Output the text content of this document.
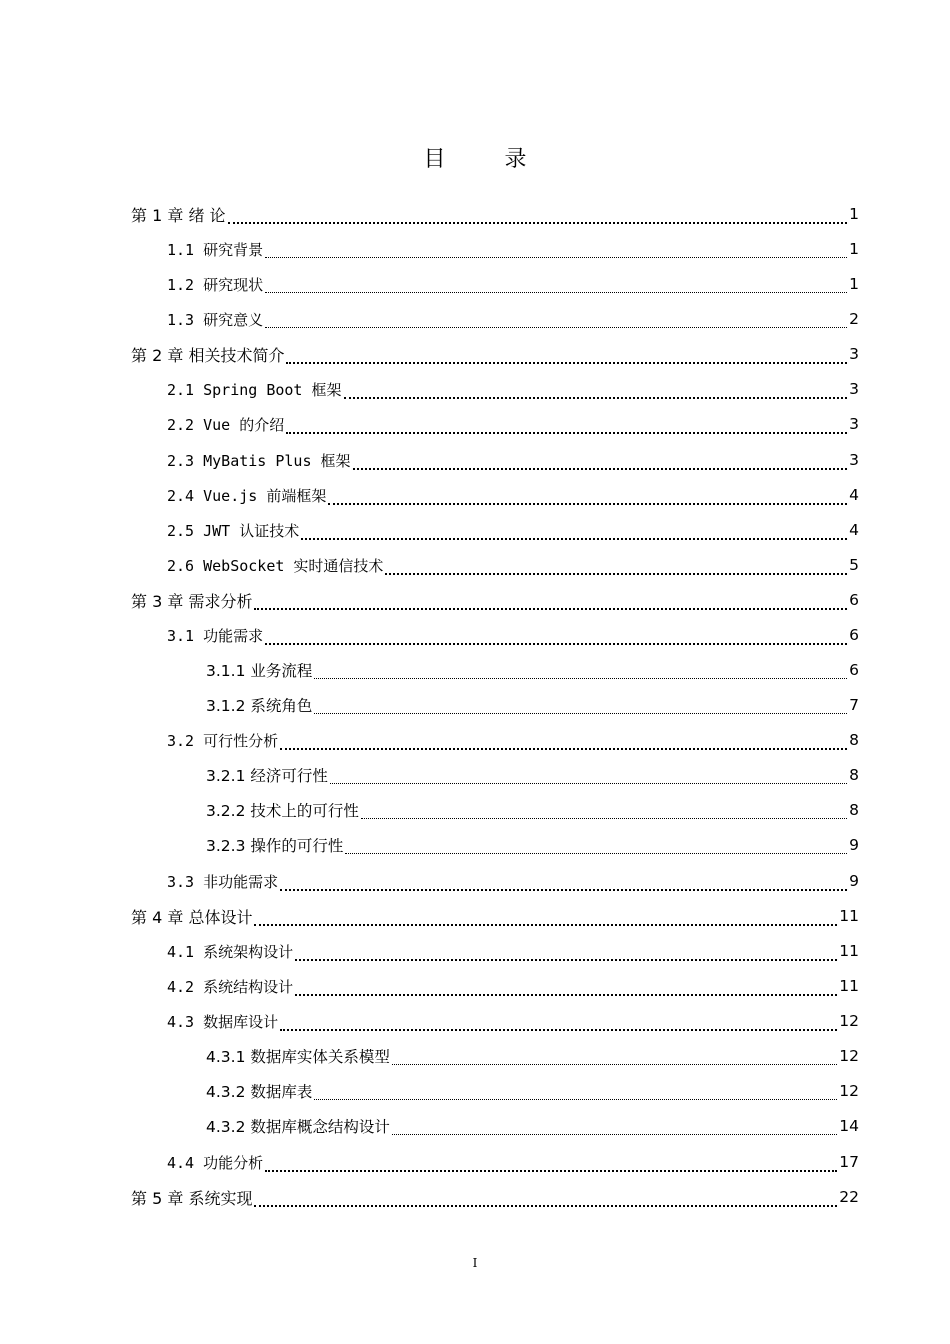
目 录
第 1 章 绪 论	1
1.1 研究背景	1
1.2 研究现状	1
1.3 研究意义	2
第 2 章 相关技术简介	3
2.1 Spring Boot 框架	3
2.2 Vue 的介绍	3
2.3 MyBatis Plus 框架	3
2.4 Vue.js 前端框架	4
2.5 JWT 认证技术	4
2.6 WebSocket 实时通信技术	5
第 3 章 需求分析	6
3.1 功能需求	6
3.1.1 业务流程	6
3.1.2 系统角色	7
3.2 可行性分析	8
3.2.1 经济可行性	8
3.2.2 技术上的可行性	8
3.2.3 操作的可行性	9
3.3 非功能需求	9
第 4 章 总体设计	11
4.1 系统架构设计	11
4.2 系统结构设计	11
4.3 数据库设计	12
4.3.1 数据库实体关系模型	12
4.3.2 数据库表	12
4.3.2 数据库概念结构设计	14
4.4 功能分析	17
第 5 章 系统实现	22
I
